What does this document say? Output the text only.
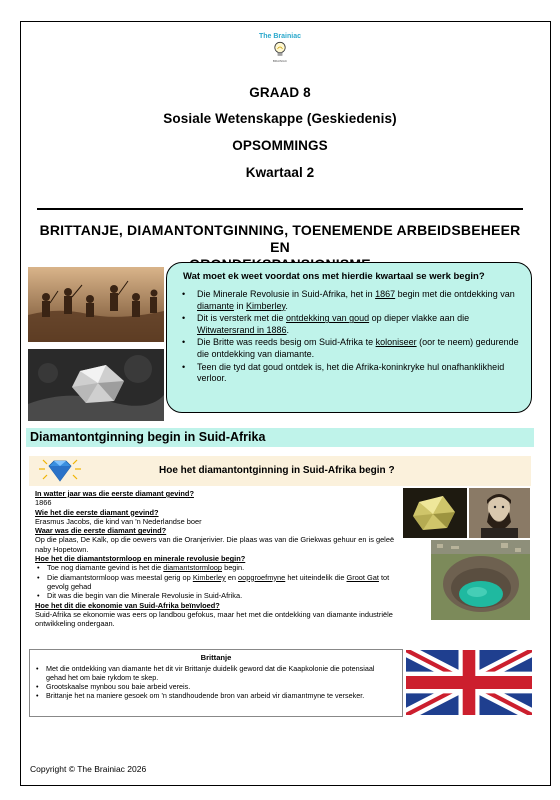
The Brainiac
BRAINIAC
GRAAD 8
Sosiale Wetenskappe (Geskiedenis)
OPSOMMINGS
Kwartaal 2
BRITTANJE, DIAMANTONTGINNING, TOENEMENDE ARBEIDSBEHEER EN
Wat moet ek weet voordat ons met hierdie kwartaal se werk begin?
• Die Minerale Revolusie in Suid-Afrika, het in 1867 begin met die ontdekking van diamante in Kimberley.
• Dit is versterk met die ontdekking van goud op dieper vlakke aan die Witwatersrand in 1886.
• Die Britte was reeds besig om Suid-Afrika te koloniseer (oor te neem) gedurende die ontdekking van diamante.
• Teen die tyd dat goud ontdek is, het die Afrika-koninkryke hul onafhanklikheid verloor.
Diamantontginning begin in Suid-Afrika
Hoe het diamantontginning in Suid-Afrika begin ?
In watter jaar was die eerste diamant gevind?
1866
Wie het die eerste diamant gevind?
Erasmus Jacobs, die kind van 'n Nederlandse boer
Waar was die eerste diamant gevind?
Op die plaas, De Kalk, op die oewers van die Oranjerivier. Die plaas was van die Griekwas gehuur en is geleë naby Hopetown.
Hoe het die diamantstormloop en minerale revolusie begin?
• Toe nog diamante gevind is het die diamantstormloop begin.
• Die diamantstormloop was meestal gerig op Kimberley en oopgroefmyne het uiteindelik die Groot Gat tot gevolg gehad
• Dit was die begin van die Minerale Revolusie in Suid-Afrika.
Hoe het dit die ekonomie van Suid-Afrika beïnvloed?
Suid-Afrika se ekonomie was eers op landbou gefokus, maar het met die ontdekking van diamante industriële ontwikkeling ondergaan.
Brittanje
• Met die ontdekking van diamante het dit vir Brittanje duidelik geword dat die Kaapkolonie die potensiaal gehad het om baie rykdom te skep.
• Grootskaalse mynbou sou baie arbeid vereis.
• Brittanje het na maniere gesoek om 'n standhoudende bron van arbeid vir diamantmyne te verseker.
Copyright © The Brainiac 2026
